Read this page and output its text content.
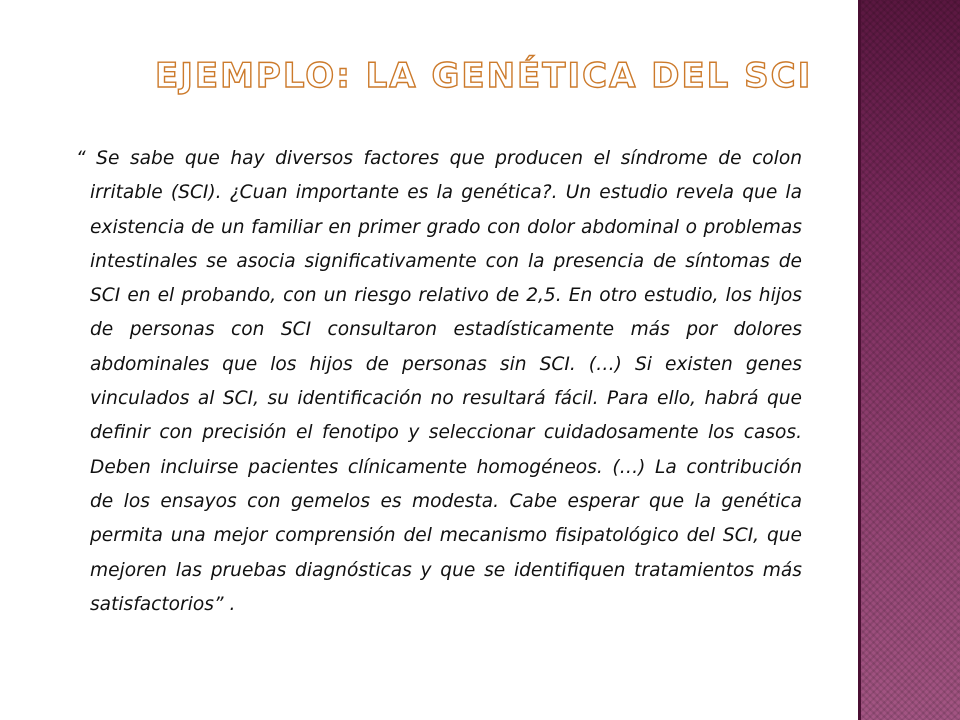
EJEMPLO: LA GENÉTICA DEL SCI

“ Se sabe que hay diversos factores que producen el síndrome de colon irritable (SCI). ¿Cuan importante es la genética?. Un estudio revela que la existencia de un familiar en primer grado con dolor abdominal o problemas intestinales se asocia significativamente con la presencia de síntomas de SCI en el probando, con un riesgo relativo de 2,5. En otro estudio, los hijos de personas con SCI consultaron estadísticamente más por dolores abdominales que los hijos de personas sin SCI. (…) Si existen genes vinculados al SCI, su identificación no resultará fácil. Para ello, habrá que definir con precisión el fenotipo y seleccionar cuidadosamente los casos. Deben incluirse pacientes clínicamente homogéneos. (…) La contribución de los ensayos con gemelos es modesta. Cabe esperar que la genética permita una mejor comprensión del mecanismo fisipatológico del SCI, que mejoren las pruebas diagnósticas y que se identifiquen tratamientos más satisfactorios” .
